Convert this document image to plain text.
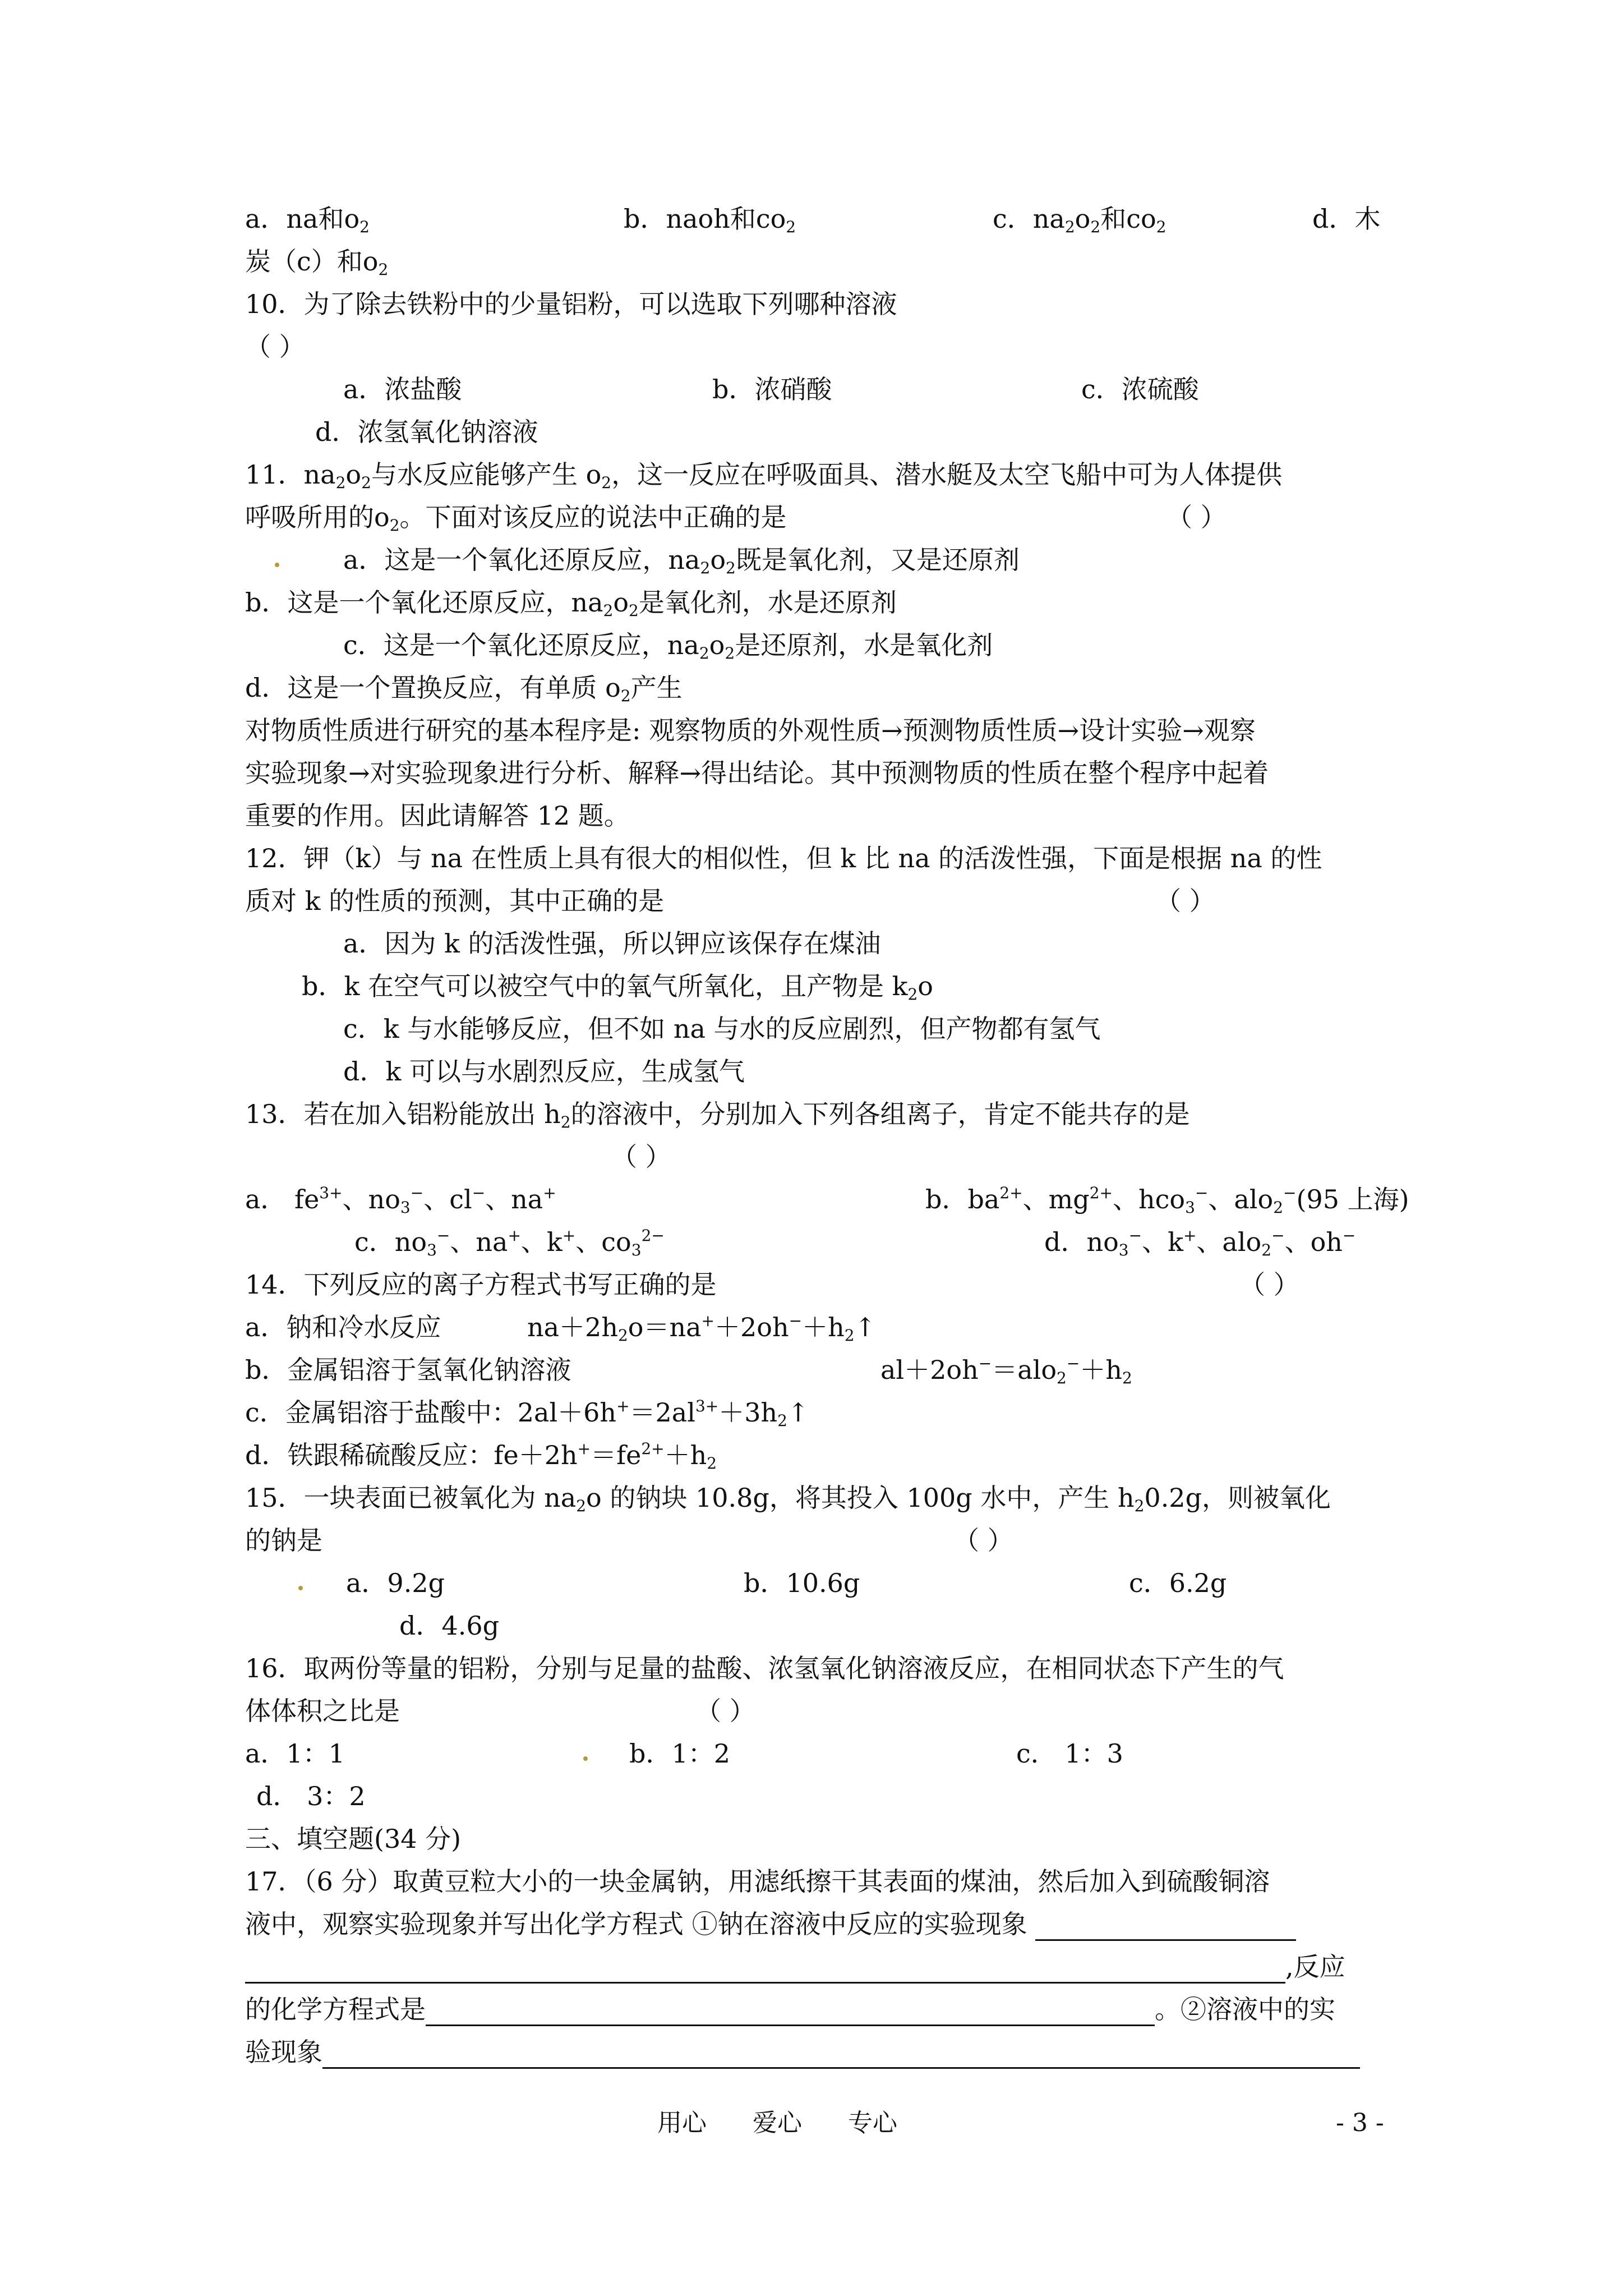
a．na和$o_2$	b．naoh和$co_2$	c．$na_2o_2$和$co_2$	d．木
炭（c）和$o_2$
10．为了除去铁粉中的少量铝粉，可以选取下列哪种溶液
（ ）
a．浓盐酸	b．浓硝酸	c．浓硫酸
d．浓氢氧化钠溶液
11．$na_2o_2$与水反应能够产生 $o_2$，这一反应在呼吸面具、潜水艇及太空飞船中可为人体提供
呼吸所用的$o_2$。下面对该反应的说法中正确的是	（ ）
a．这是一个氧化还原反应，$na_2o_2$既是氧化剂，又是还原剂
b．这是一个氧化还原反应，$na_2o_2$是氧化剂，水是还原剂
c．这是一个氧化还原反应，$na_2o_2$是还原剂，水是氧化剂
d．这是一个置换反应，有单质 $o_2$产生
对物质性质进行研究的基本程序是: 观察物质的外观性质→预测物质性质→设计实验→观察
实验现象→对实验现象进行分析、解释→得出结论。其中预测物质的性质在整个程序中起着
重要的作用。因此请解答 12 题。
12．钾（k）与 na 在性质上具有很大的相似性，但 k 比 na 的活泼性强，下面是根据 na 的性
质对 k 的性质的预测，其中正确的是	（ ）
a．因为 k 的活泼性强，所以钾应该保存在煤油
b．k 在空气可以被空气中的氧气所氧化，且产物是 $k_2o$
c．k 与水能够反应，但不如 na 与水的反应剧烈，但产物都有氢气
d．k 可以与水剧烈反应，生成氢气
13．若在加入铝粉能放出 $h_2$的溶液中，分别加入下列各组离子，肯定不能共存的是
（ ）
a． $fe^{3+}$、$no_3^-$、cl−、na+	b．$ba^{2+}$、$mg^{2+}$、hco$_3$−、alo$_2$−(95 上海)
c．$no_3^-$、na+、k+、$co_3^{2-}$	d．$no_3^-$、k+、alo$_2$−、oh−
14．下列反应的离子方程式书写正确的是	（ ）
a．钠和冷水反应	$na+2h_2o=na^++2oh^-+h_2↑$
b．金属铝溶于氢氧化钠溶液	$al+2oh^-=alo_2^-+h_2$
c．金属铝溶于盐酸中：$2al+6h^+=2al^{3+}+3h_2↑$
d．铁跟稀硫酸反应：$fe+2h^+=fe^{2+}+h_2$
15．一块表面已被氧化为 $na_2o$ 的钠块 10.8g，将其投入 100g 水中，产生 $h_20.2g$，则被氧化
的钠是	（ ）
a．9.2g	b．10.6g	c．6.2g
d．4.6g
16．取两份等量的铝粉，分别与足量的盐酸、浓氢氧化钠溶液反应，在相同状态下产生的气
体体积之比是	（ ）
a．1：1	b．1：2	c． 1：3
d． 3：2
三、填空题(34 分)
17．（6 分）取黄豆粒大小的一块金属钠，用滤纸擦干其表面的煤油，然后加入到硫酸铜溶
液中，观察实验现象并写出化学方程式 ①钠在溶液中反应的实验现象
,反应
的化学方程式是	。②溶液中的实
验现象
用心 爱心 专心	- 3 -
